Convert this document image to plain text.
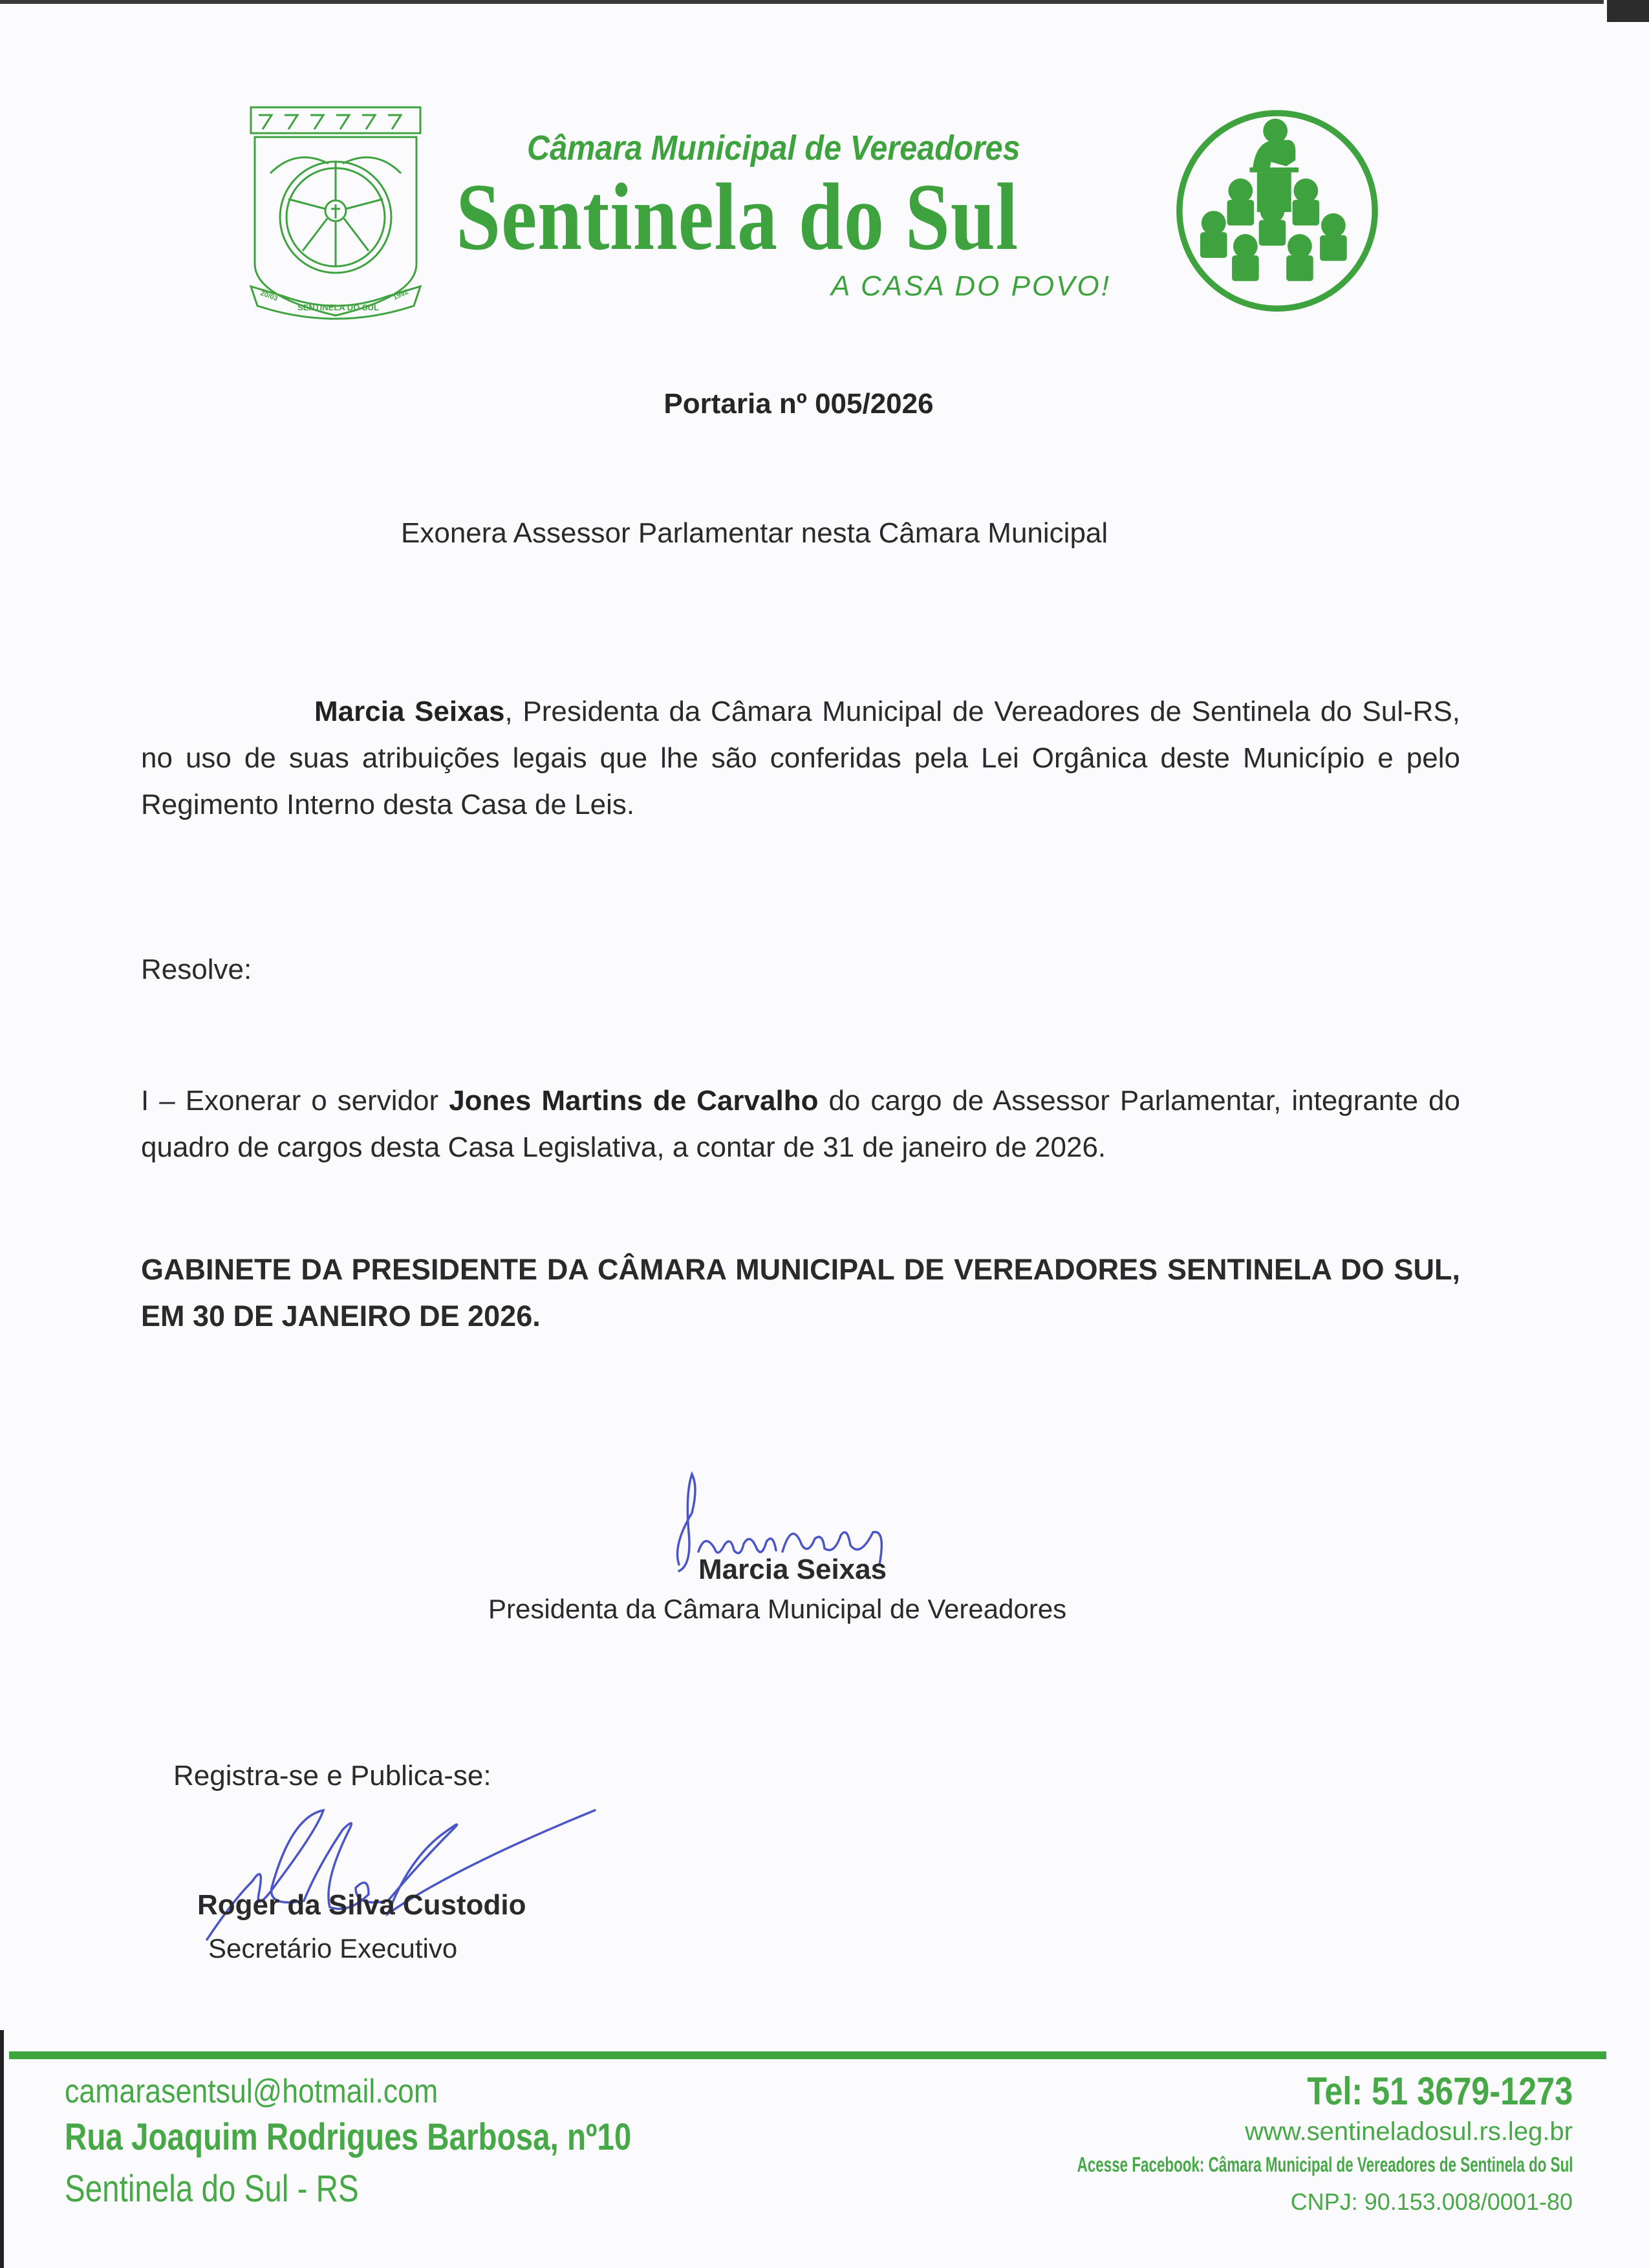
20/03
SENTINELA DO SUL
1992
Câmara Municipal de Vereadores
Sentinela do Sul
A CASA DO POVO!
Portaria nº 005/2026
Exonera Assessor Parlamentar nesta Câmara Municipal

Marcia Seixas, Presidenta da Câmara Municipal de Vereadores de Sentinela do Sul-RS, no uso de suas atribuições legais que lhe são conferidas pela Lei Orgânica deste Município e pelo Regimento Interno desta Casa de Leis.

Resolve:

I – Exonerar o servidor Jones Martins de Carvalho do cargo de Assessor Parlamentar, integrante do quadro de cargos desta Casa Legislativa, a contar de 31 de janeiro de 2026.

GABINETE DA PRESIDENTE DA CÂMARA MUNICIPAL DE VEREADORES SENTINELA DO SUL, EM 30 DE JANEIRO DE 2026.

Marcia Seixas
Presidenta da Câmara Municipal de Vereadores
Registra-se e Publica-se:
Roger da Silva Custodio
Secretário Executivo
camarasentsul@hotmail.com
Rua Joaquim Rodrigues Barbosa, nº10
Sentinela do Sul - RS
Tel: 51 3679-1273
www.sentineladosul.rs.leg.br
Acesse Facebook: Câmara Municipal de Vereadores de Sentinela do Sul
CNPJ: 90.153.008/0001-80
